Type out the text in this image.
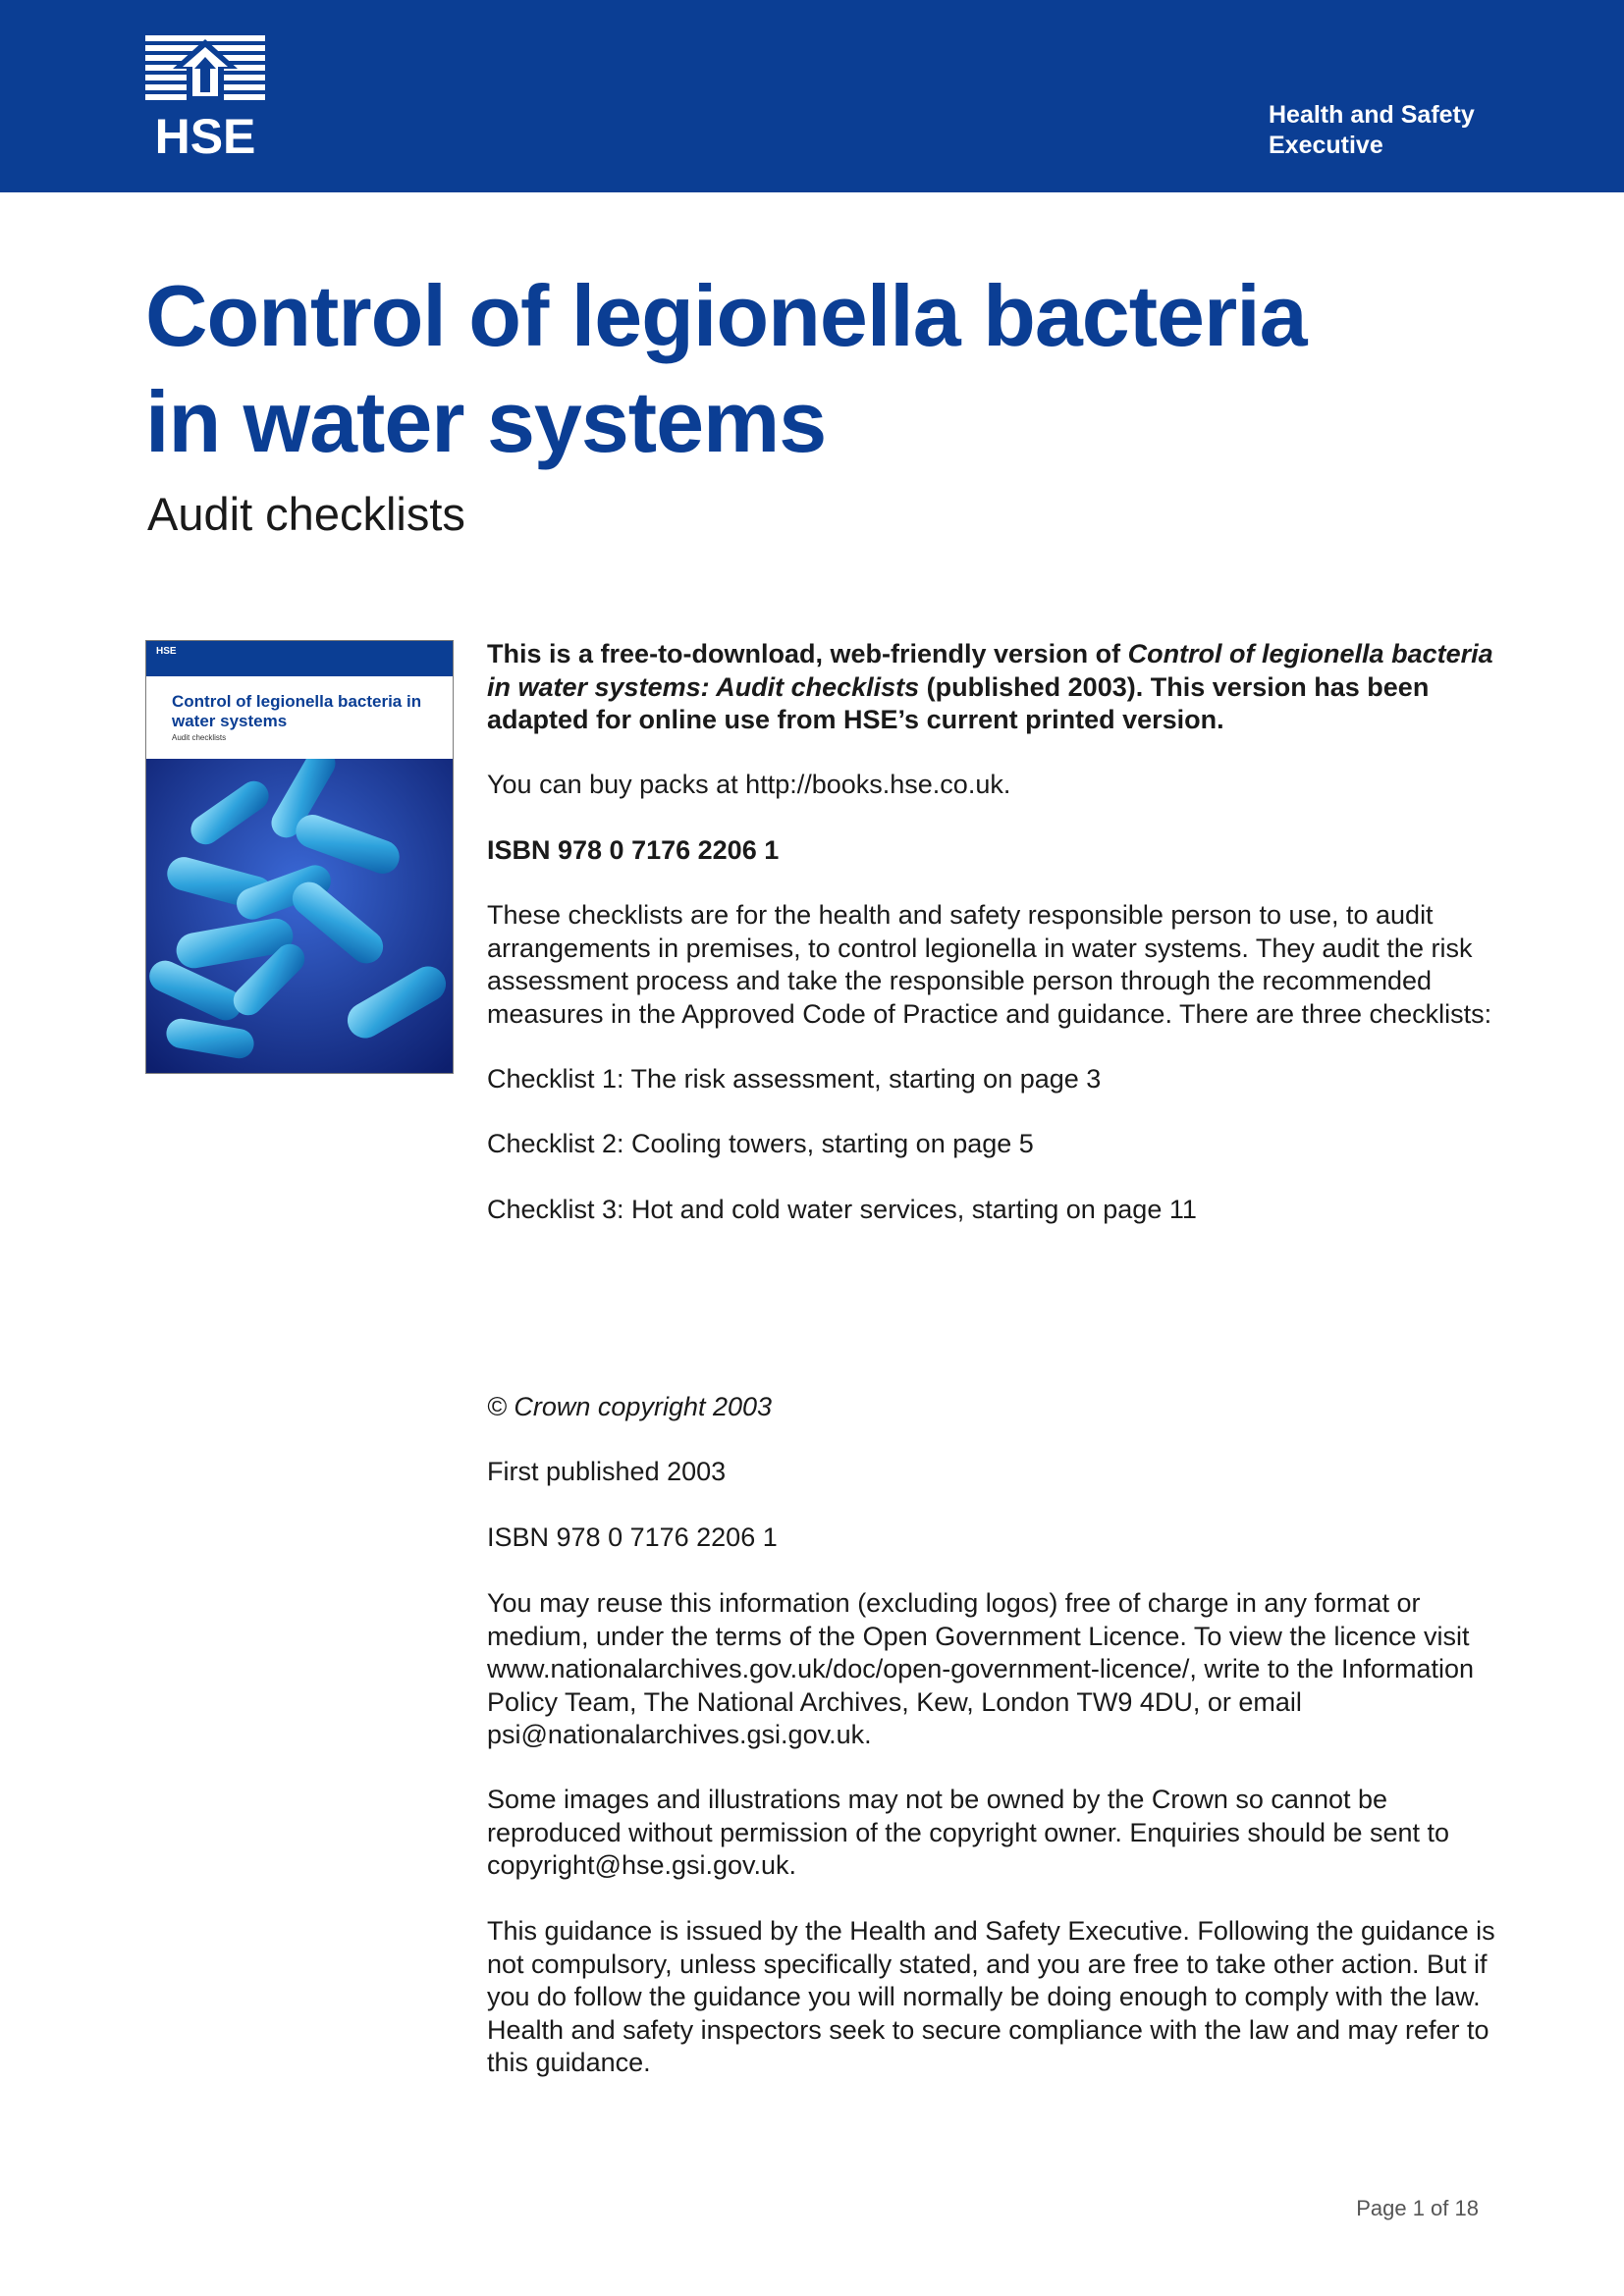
HSE	Health and Safety
Executive
Control of legionella bacteria
in water systems
Audit checklists
HSE
Control of legionella bacteria in water systems
Audit checklists

This is a free-to-download, web-friendly version of Control of legionella bacteria in water systems: Audit checklists (published 2003). This version has been adapted for online use from HSE’s current printed version.

You can buy packs at http://books.hse.co.uk.

ISBN 978 0 7176 2206 1

These checklists are for the health and safety responsible person to use, to audit arrangements in premises, to control legionella in water systems. They audit the risk assessment process and take the responsible person through the recommended measures in the Approved Code of Practice and guidance. There are three checklists:

Checklist 1: The risk assessment, starting on page 3

Checklist 2: Cooling towers, starting on page 5

Checklist 3: Hot and cold water services, starting on page 11

© Crown copyright 2003

First published 2003

ISBN 978 0 7176 2206 1

You may reuse this information (excluding logos) free of charge in any format or medium, under the terms of the Open Government Licence. To view the licence visit www.nationalarchives.gov.uk/doc/open-government-licence/, write to the Information Policy Team, The National Archives, Kew, London TW9 4DU, or email psi@nationalarchives.gsi.gov.uk.

Some images and illustrations may not be owned by the Crown so cannot be reproduced without permission of the copyright owner. Enquiries should be sent to copyright@hse.gsi.gov.uk.

This guidance is issued by the Health and Safety Executive. Following the guidance is not compulsory, unless specifically stated, and you are free to take other action. But if you do follow the guidance you will normally be doing enough to comply with the law. Health and safety inspectors seek to secure compliance with the law and may refer to this guidance.

Page 1 of 18
